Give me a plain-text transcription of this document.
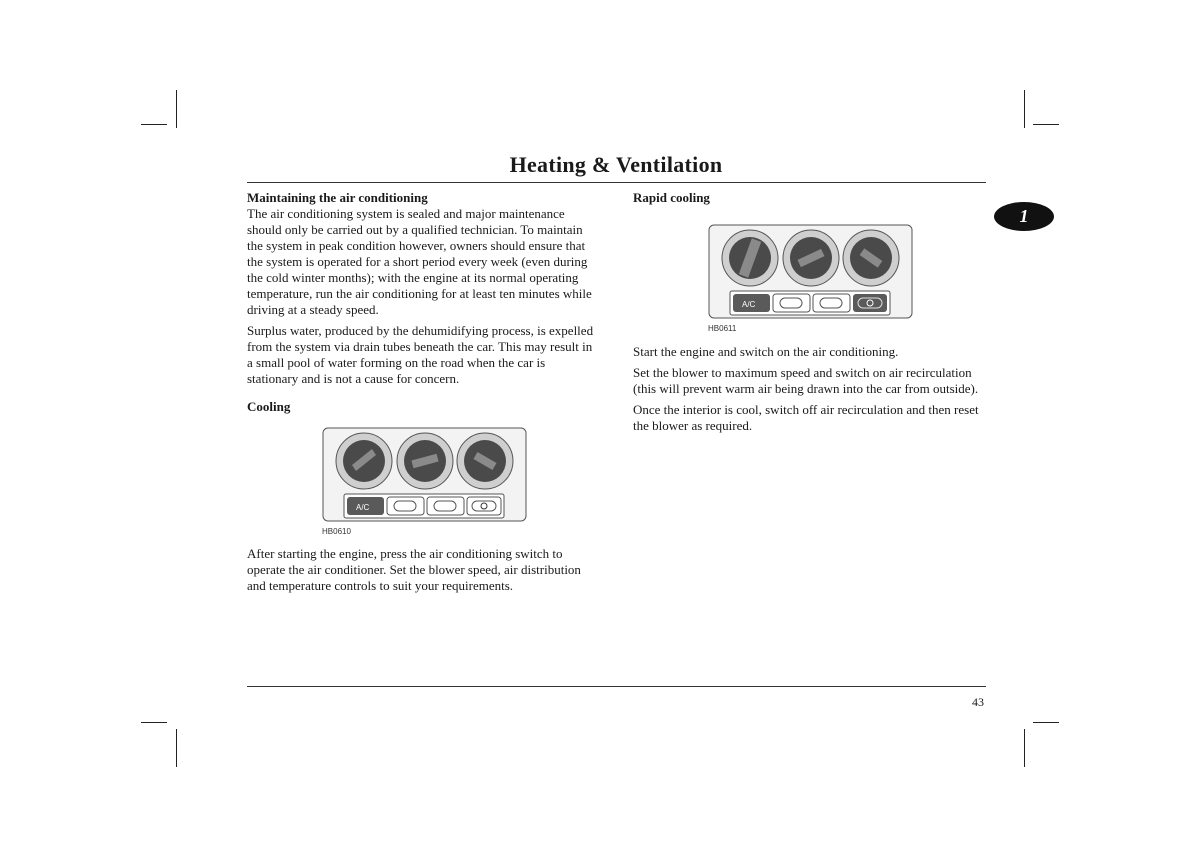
Heating & Ventilation
1
Maintaining the air conditioning

The air conditioning system is sealed and major maintenance should only be carried out by a qualified technician. To maintain the system in peak condition however, owners should ensure that the system is operated for a short period every week (even during the cold winter months); with the engine at its normal operating temperature, run the air conditioning for at least ten minutes while driving at a steady speed.

Surplus water, produced by the dehumidifying process, is expelled from the system via drain tubes beneath the car. This may result in a small pool of water forming on the road when the car is stationary and is not a cause for concern.

Cooling
A/C
HB0610

After starting the engine, press the air conditioning switch to operate the air conditioner. Set the blower speed, air distribution and temperature controls to suit your requirements.

Rapid cooling
A/C
HB0611

Start the engine and switch on the air conditioning.

Set the blower to maximum speed and switch on air recirculation (this will prevent warm air being drawn into the car from outside).

Once the interior is cool, switch off air recirculation and then reset the blower as required.

43
